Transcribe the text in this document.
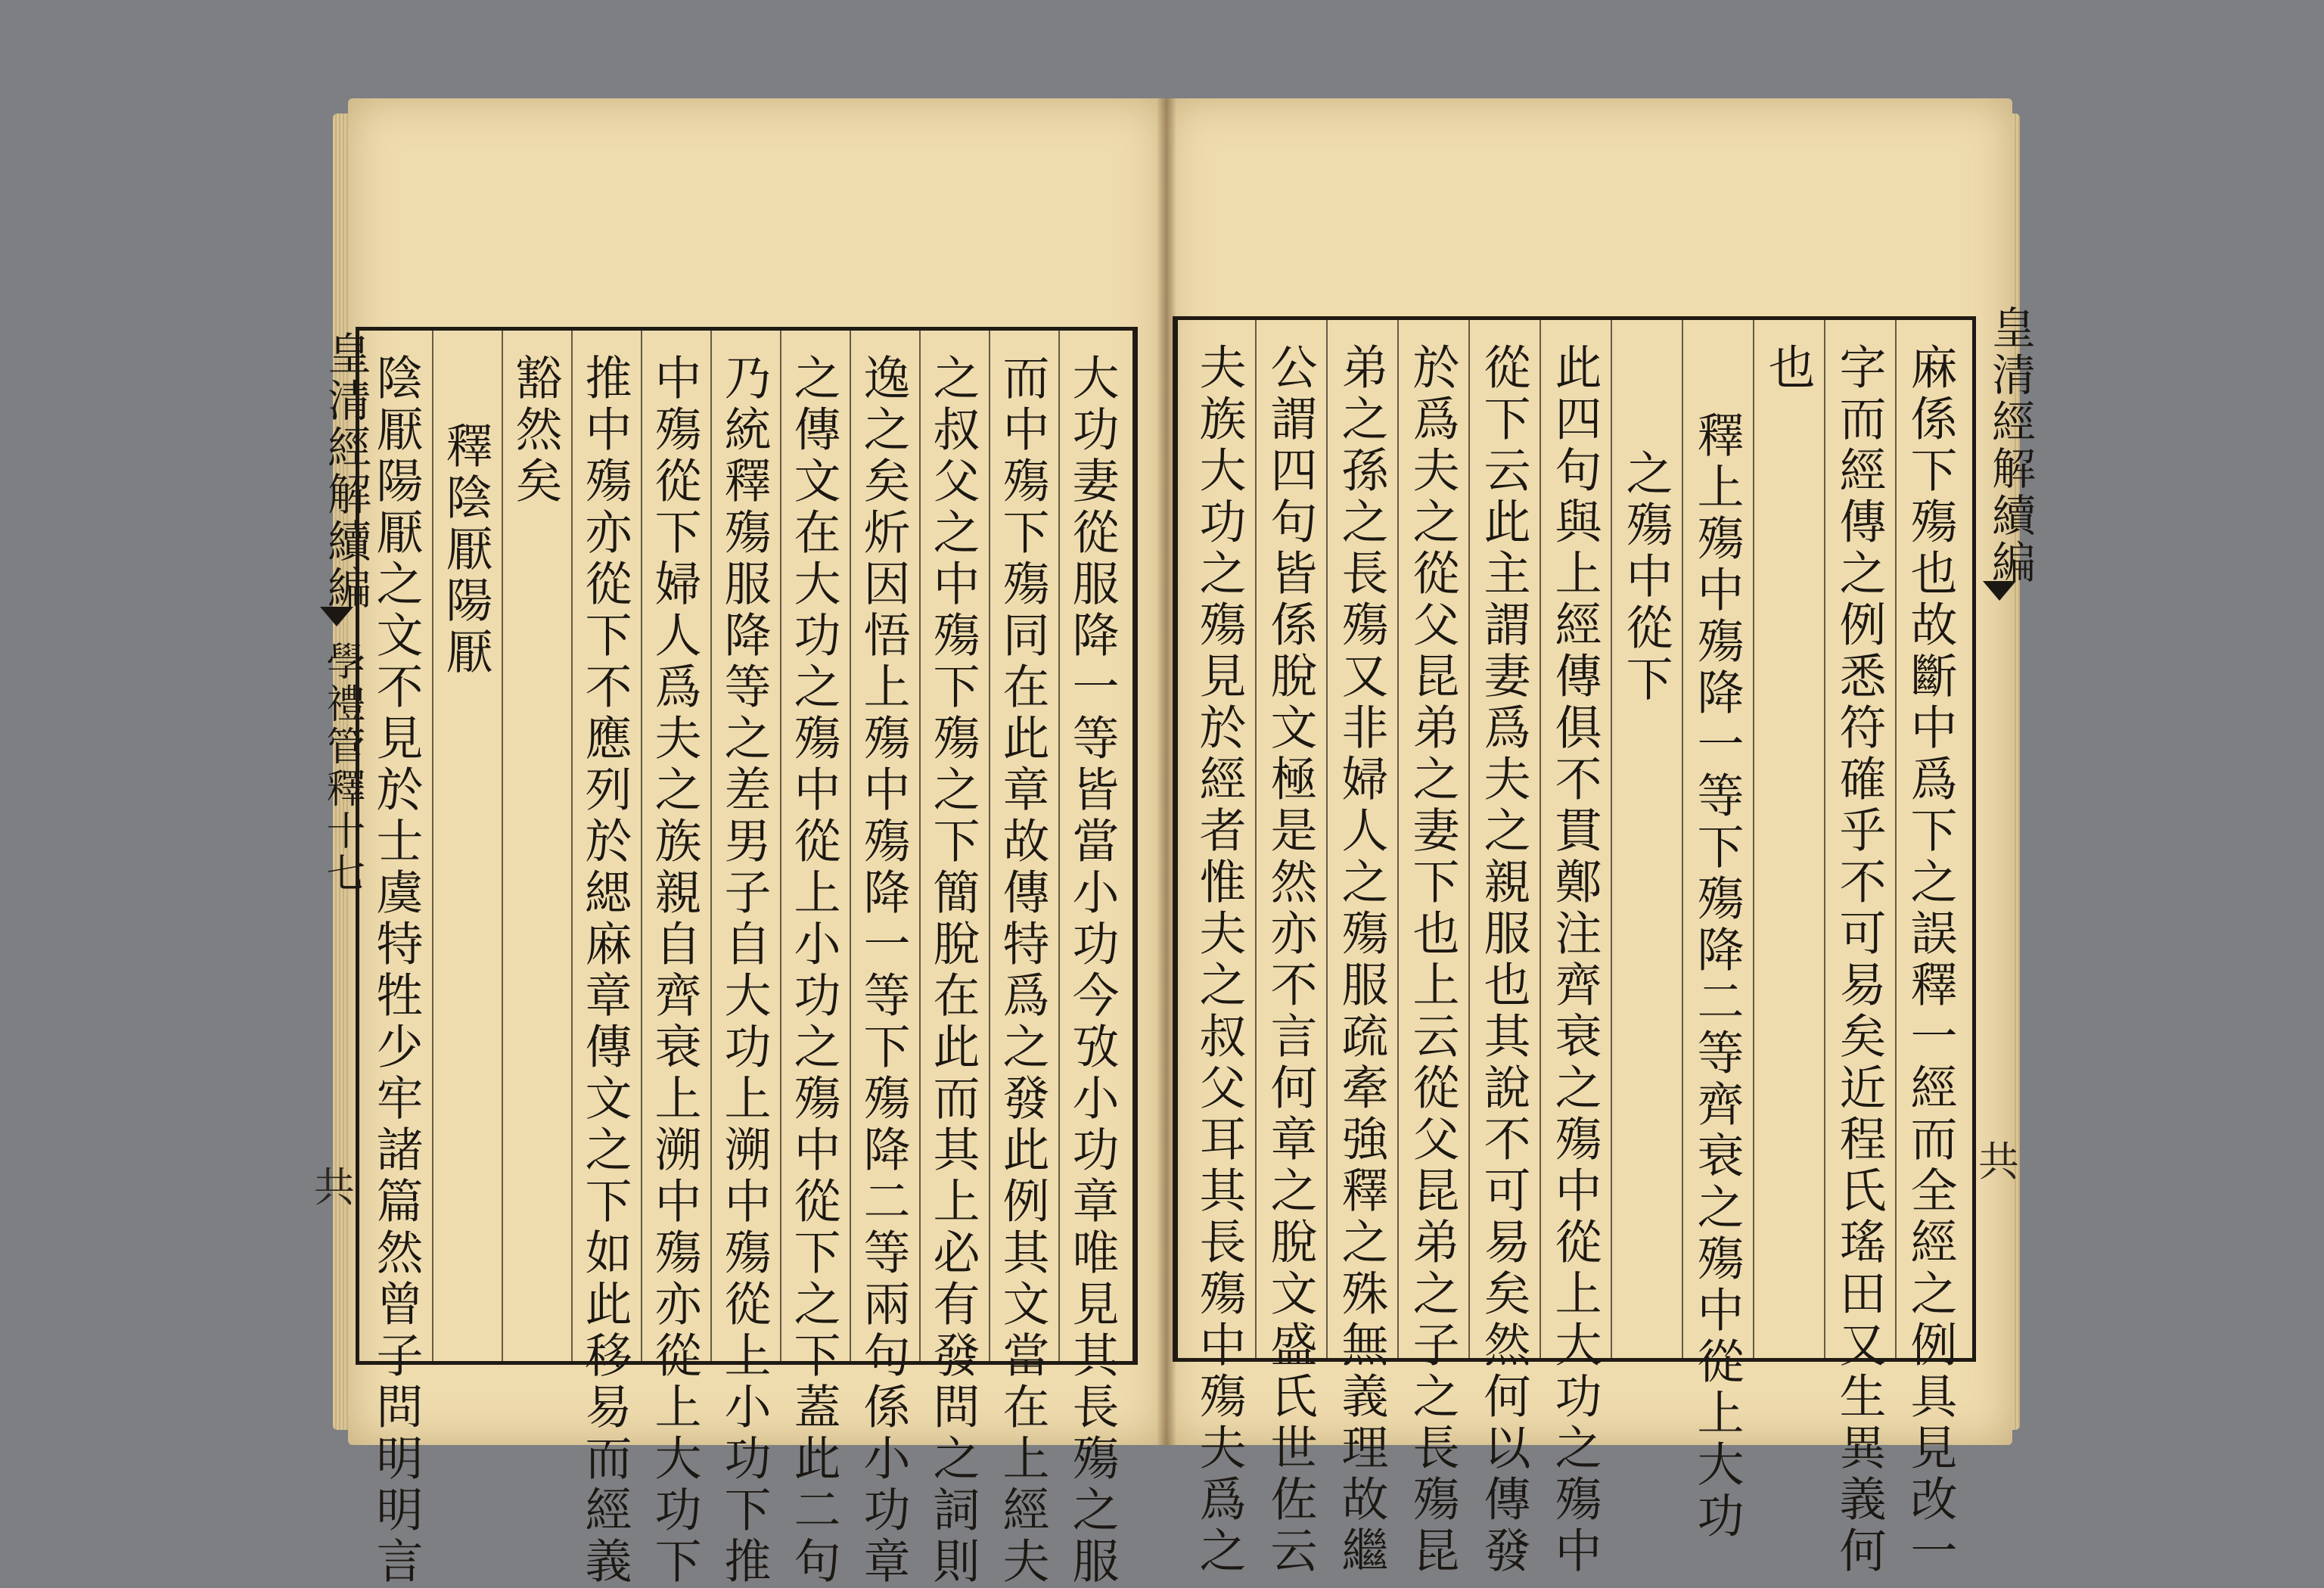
皇清經解續編
學禮管釋十七
共	大功妻從服降一等皆當小功今攷小功章唯見其長殤之服
而中殤下殤同在此章故傳特爲之發此例其文當在上經夫
之叔父之中殤下殤之下簡脫在此而其上必有發問之詞則
逸之矣炘因悟上殤中殤降一等下殤降二等兩句係小功章
之傳文在大功之殤中從上小功之殤中從下之下蓋此二句
乃統釋殤服降等之差男子自大功上溯中殤從上小功下推
中殤從下婦人爲夫之族親自齊衰上溯中殤亦從上大功下
推中殤亦從下不應列於緦麻章傳文之下如此移易而經義
豁然矣
釋陰厭陽厭
陰厭陽厭之文不見於士虞特牲少牢諸篇然曾子問明明言	皇清經解續編
共
麻係下殤也故斷中爲下之誤釋一經而全經之例具見改一
字而經傳之例悉符確乎不可易矣近程氏瑤田又生異義何
也
釋上殤中殤降一等下殤降二等齊衰之殤中從上大功
之殤中從下
此四句與上經傳俱不貫鄭注齊衰之殤中從上大功之殤中
從下云此主謂妻爲夫之親服也其說不可易矣然何以傳發
於爲夫之從父昆弟之妻下也上云從父昆弟之子之長殤昆
弟之孫之長殤又非婦人之殤服疏牽強釋之殊無義理故繼
公謂四句皆係脫文極是然亦不言何章之脫文盛氏世佐云
夫族大功之殤見於經者惟夫之叔父耳其長殤中殤夫爲之
